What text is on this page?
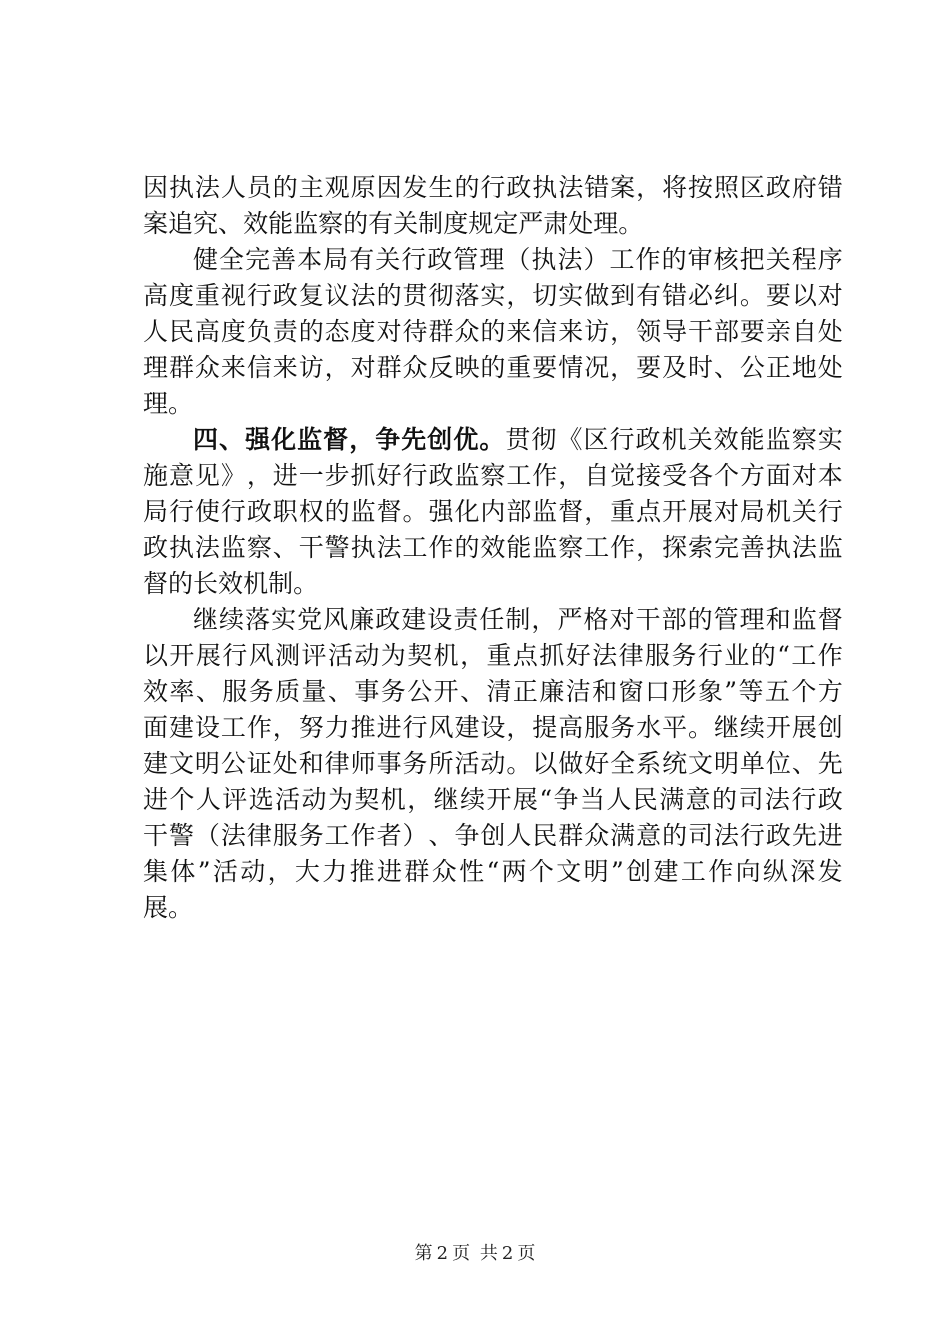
因 执 法 人 员 的 主 观 原 因 发 生 的 行 政 执 法 错 案 ， 将 按 照 区 政 府 错
案 追 究 、 效 能 监 察 的 有 关 制 度 规 定 严 肃 处 理 。
健 全 完 善 本 局 有 关 行 政 管 理 （ 执 法 ） 工 作 的 审 核 把 关 程 序
高 度 重 视 行 政 复 议 法 的 贯 彻 落 实 ， 切 实 做 到 有 错 必 纠 。 要 以 对
人 民 高 度 负 责 的 态 度 对 待 群 众 的 来 信 来 访 ， 领 导 干 部 要 亲 自 处
理 群 众 来 信 来 访 ， 对 群 众 反 映 的 重 要 情 况 ， 要 及 时 、 公 正 地 处
理 。
四 、 强 化 监 督 ， 争 先 创 优 。 贯 彻 《 区 行 政 机 关 效 能 监 察 实
施 意 见 》 ， 进 一 步 抓 好 行 政 监 察 工 作 ， 自 觉 接 受 各 个 方 面 对 本
局 行 使 行 政 职 权 的 监 督 。 强 化 内 部 监 督 ， 重 点 开 展 对 局 机 关 行
政 执 法 监 察 、 干 警 执 法 工 作 的 效 能 监 察 工 作 ， 探 索 完 善 执 法 监
督 的 长 效 机 制 。
继 续 落 实 党 风 廉 政 建 设 责 任 制 ， 严 格 对 干 部 的 管 理 和 监 督
以 开 展 行 风 测 评 活 动 为 契 机 ， 重 点 抓 好 法 律 服 务 行 业 的 “ 工 作
效 率 、 服 务 质 量 、 事 务 公 开 、 清 正 廉 洁 和 窗 口 形 象 ” 等 五 个 方
面 建 设 工 作 ， 努 力 推 进 行 风 建 设 ， 提 高 服 务 水 平 。 继 续 开 展 创
建 文 明 公 证 处 和 律 师 事 务 所 活 动 。 以 做 好 全 系 统 文 明 单 位 、 先
进 个 人 评 选 活 动 为 契 机 ， 继 续 开 展 “ 争 当 人 民 满 意 的 司 法 行 政
干 警 （ 法 律 服 务 工 作 者 ） 、 争 创 人 民 群 众 满 意 的 司 法 行 政 先 进
集 体 ” 活 动 ， 大 力 推 进 群 众 性 “ 两 个 文 明 ” 创 建 工 作 向 纵 深 发
展 。
第 2 页 共 2 页
